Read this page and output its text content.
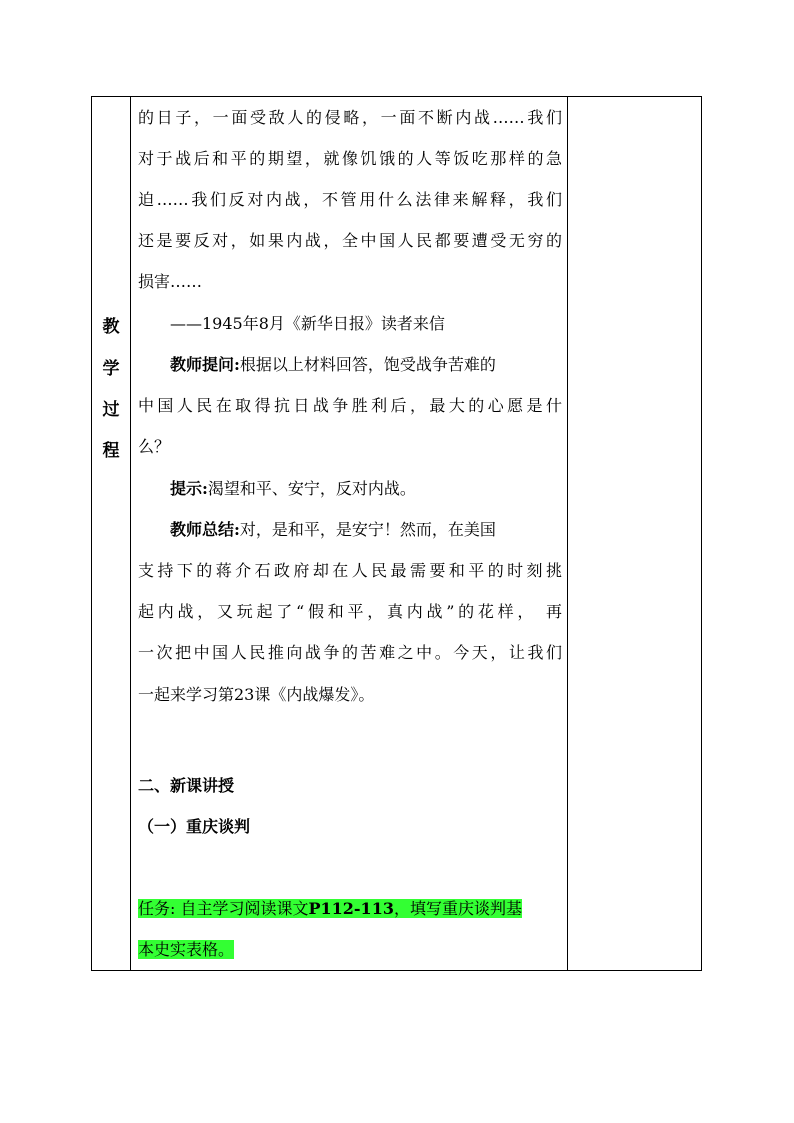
教
学
过
程
的日子，一面受敌人的侵略，一面不断内战……我们
对于战后和平的期望，就像饥饿的人等饭吃那样的急
迫……我们反对内战，不管用什么法律来解释，我们
还是要反对，如果内战，全中国人民都要遭受无穷的
损害……
——1945年8月《新华日报》读者来信
教师提问:根据以上材料回答，饱受战争苦难的
中国人民在取得抗日战争胜利后，最大的心愿是什
么？
提示:渴望和平、安宁，反对内战。
教师总结:对，是和平，是安宁！然而，在美国
支持下的蒋介石政府却在人民最需要和平的时刻挑
起内战，又玩起了“假和平，真内战”的花样， 再
一次把中国人民推向战争的苦难之中。今天，让我们
一起来学习第23课《内战爆发》。
二、新课讲授
（一）重庆谈判
任务: 自主学习阅读课文P112-113，填写重庆谈判基
本史实表格。
